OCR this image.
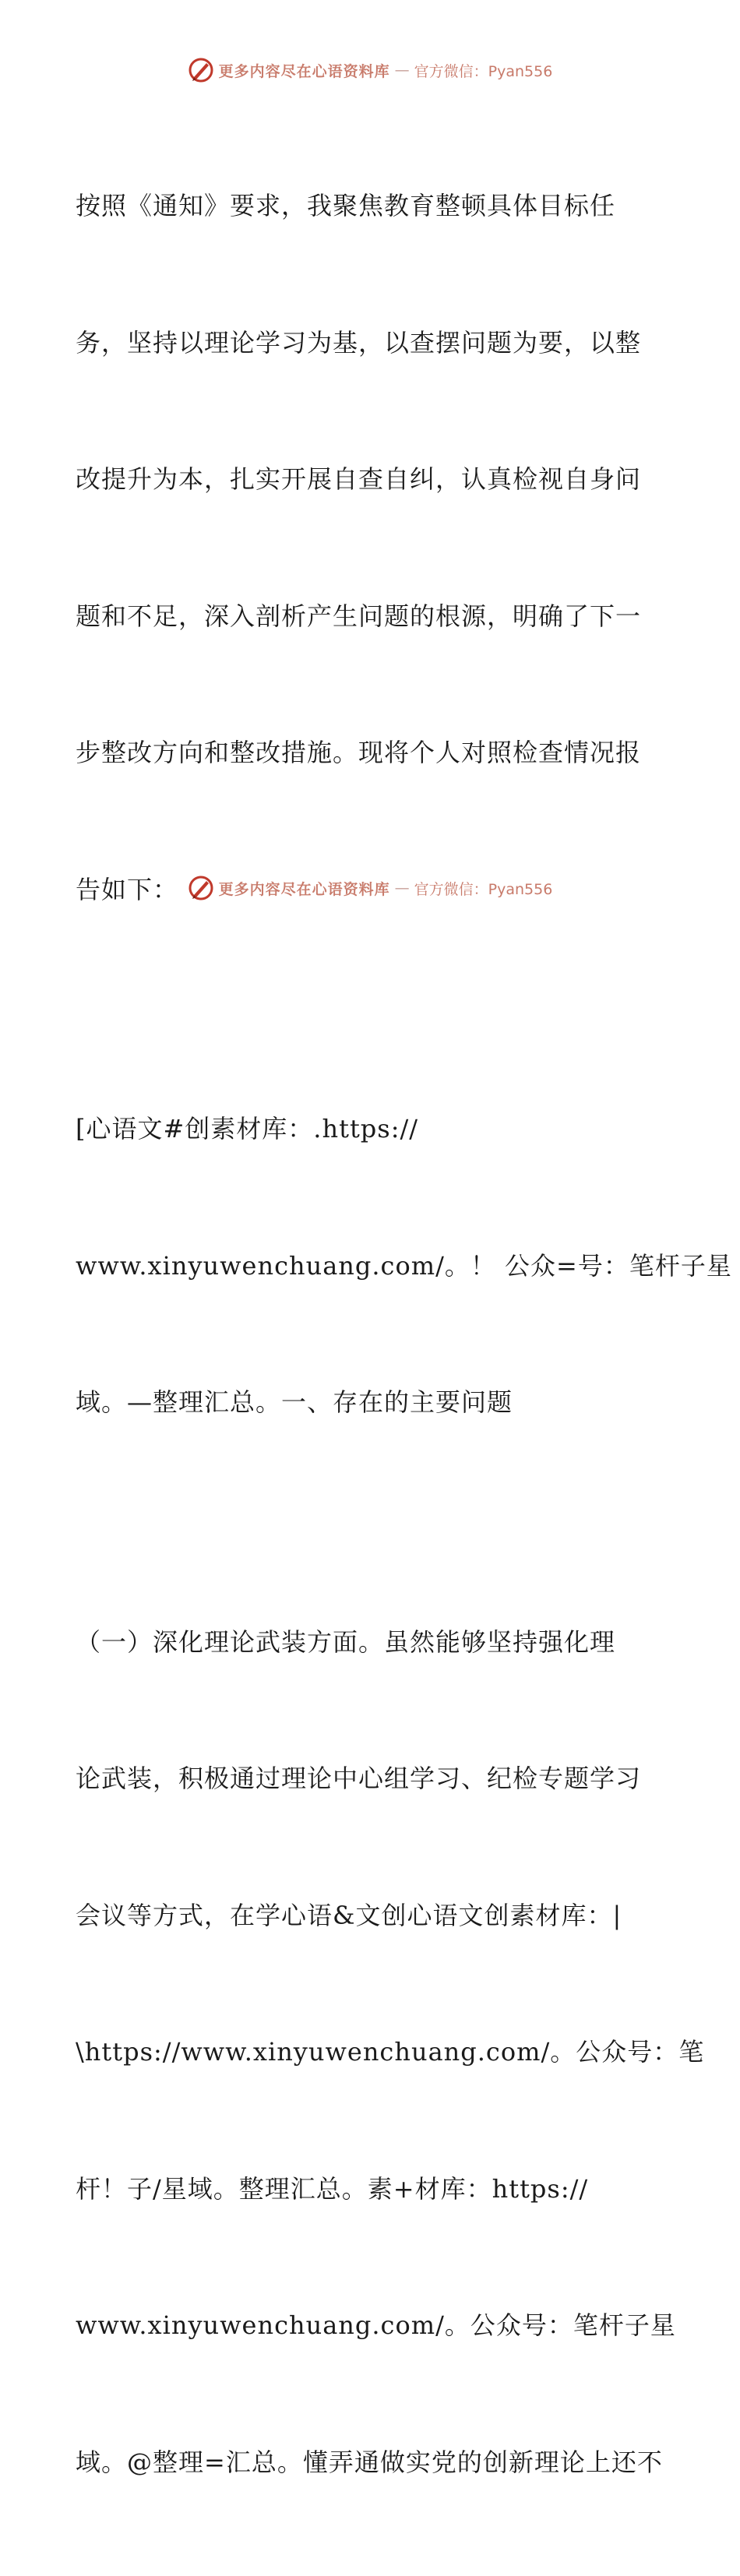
更多内容尽在心语资料库 — 官方微信：Pyan556

按照《通知》要求，我聚焦教育整顿具体目标任

务，坚持以理论学习为基，以查摆问题为要，以整

改提升为本，扎实开展自查自纠，认真检视自身问

题和不足，深入剖析产生问题的根源，明确了下一

步整改方向和整改措施。现将个人对照检查情况报

告如下：

[心语文#创素材库：.https://

www.xinyuwenchuang.com/。！ 公众=号：笔杆子星

域。—整理汇总。一、存在的主要问题

（一）深化理论武装方面。虽然能够坚持强化理

论武装，积极通过理论中心组学习、纪检专题学习

会议等方式，在学心语&文创心语文创素材库：|

\https://www.xinyuwenchuang.com/。公众号：笔

杆！子/星域。整理汇总。素+材库：https://

www.xinyuwenchuang.com/。公众号：笔杆子星

域。@整理=汇总。懂弄通做实党的创新理论上还不

更多内容尽在心语资料库 — 官方微信：Pyan556
